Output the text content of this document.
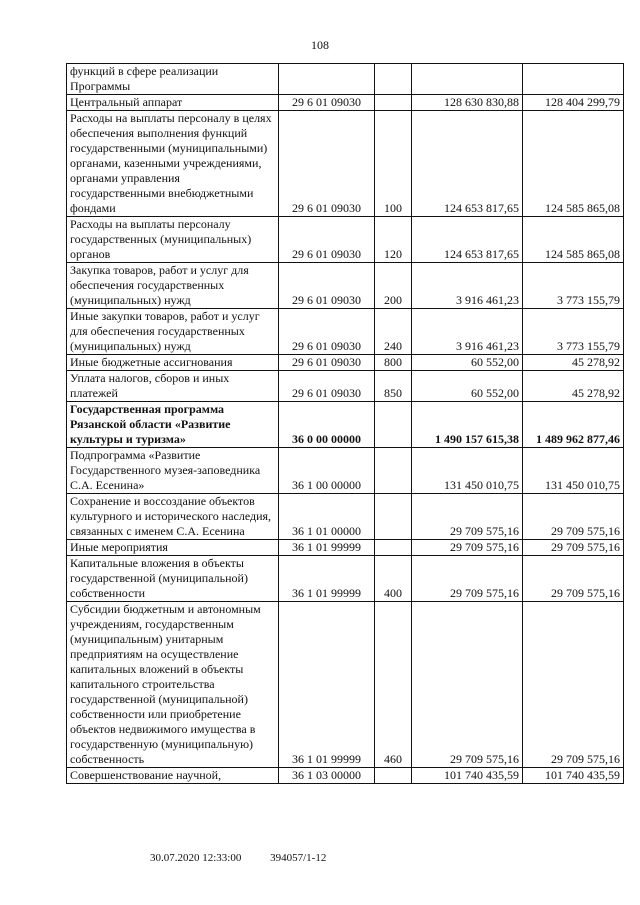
108
функций в сфере реализации Программы				
Центральный аппарат	29 6 01 09030		128 630 830,88	128 404 299,79
Расходы на выплаты персоналу в целях обеспечения выполнения функций государственными (муниципальными) органами, казенными учреждениями, органами управления государственными внебюджетными фондами	29 6 01 09030	100	124 653 817,65	124 585 865,08
Расходы на выплаты персоналу государственных (муниципальных) органов	29 6 01 09030	120	124 653 817,65	124 585 865,08
Закупка товаров, работ и услуг для обеспечения государственных (муниципальных) нужд	29 6 01 09030	200	3 916 461,23	3 773 155,79
Иные закупки товаров, работ и услуг для обеспечения государственных (муниципальных) нужд	29 6 01 09030	240	3 916 461,23	3 773 155,79
Иные бюджетные ассигнования	29 6 01 09030	800	60 552,00	45 278,92
Уплата налогов, сборов и иных платежей	29 6 01 09030	850	60 552,00	45 278,92
Государственная программа Рязанской области «Развитие культуры и туризма»	36 0 00 00000		1 490 157 615,38	1 489 962 877,46
Подпрограмма «Развитие Государственного музея-заповедника С.А. Есенина»	36 1 00 00000		131 450 010,75	131 450 010,75
Сохранение и воссоздание объектов культурного и исторического наследия, связанных с именем С.А. Есенина	36 1 01 00000		29 709 575,16	29 709 575,16
Иные мероприятия	36 1 01 99999		29 709 575,16	29 709 575,16
Капитальные вложения в объекты государственной (муниципальной) собственности	36 1 01 99999	400	29 709 575,16	29 709 575,16
Субсидии бюджетным и автономным учреждениям, государственным (муниципальным) унитарным предприятиям на осуществление капитальных вложений в объекты капитального строительства государственной (муниципальной) собственности или приобретение объектов недвижимого имущества в государственную (муниципальную) собственность	36 1 01 99999	460	29 709 575,16	29 709 575,16
Совершенствование научной,	36 1 03 00000		101 740 435,59	101 740 435,59
30.07.2020 12:33:00	394057/1-12
